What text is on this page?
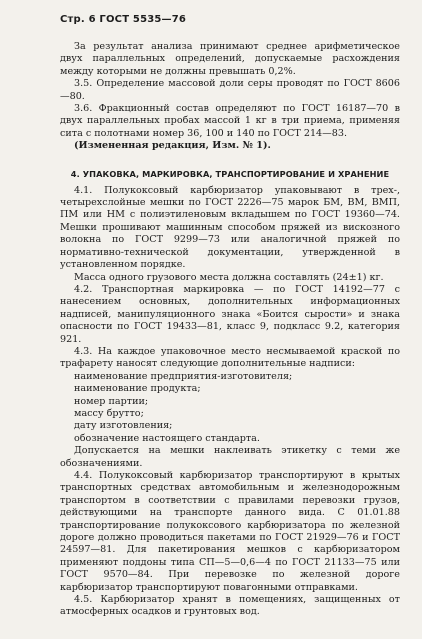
Стр. 6 ГОСТ 5535—76

За результат анализа принимают среднее арифметическое двух параллельных определений, допускаемые расхождения между которыми не должны превышать 0,2%.

3.5. Определение массовой доли серы проводят по ГОСТ 8606—80.

3.6. Фракционный состав определяют по ГОСТ 16187—70 в двух параллельных пробах массой 1 кг в три приема, применяя сита с полотнами номер 36, 100 и 140 по ГОСТ 214—83.

(Измененная редакция, Изм. № 1).

4. УПАКОВКА, МАРКИРОВКА, ТРАНСПОРТИРОВАНИЕ И ХРАНЕНИЕ

4.1. Полукоксовый карбюризатор упаковывают в трех-, четырехслойные мешки по ГОСТ 2226—75 марок БМ, ВМ, ВМП, ПМ или НМ с полиэтиленовым вкладышем по ГОСТ 19360—74. Мешки прошивают машинным способом пряжей из вискозного волокна по ГОСТ 9299—73 или аналогичной пряжей по нормативно-технической документации, утвержденной в установленном порядке.

Масса одного грузового места должна составлять (24±1) кг.

4.2. Транспортная маркировка — по ГОСТ 14192—77 с нанесением основных, дополнительных информационных надписей, манипуляционного знака «Боится сырости» и знака опасности по ГОСТ 19433—81, класс 9, подкласс 9.2, категория 921.

4.3. На каждое упаковочное место несмываемой краской по трафарету наносят следующие дополнительные надписи:

наименование предприятия-изготовителя;

наименование продукта;

номер партии;

массу брутто;

дату изготовления;

обозначение настоящего стандарта.

Допускается на мешки наклеивать этикетку с теми же обозначениями.

4.4. Полукоксовый карбюризатор транспортируют в крытых транспортных средствах автомобильным и железнодорожным транспортом в соответствии с правилами перевозки грузов, действующими на транспорте данного вида. С 01.01.88 транспортирование полукоксового карбюризатора по железной дороге должно проводиться пакетами по ГОСТ 21929—76 и ГОСТ 24597—81. Для пакетирования мешков с карбюризатором применяют поддоны типа СП—5—0,6—4 по ГОСТ 21133—75 или ГОСТ 9570—84. При перевозке по железной дороге карбюризатор транспортируют повагонными отправками.

4.5. Карбюризатор хранят в помещениях, защищенных от атмосферных осадков и грунтовых вод.
